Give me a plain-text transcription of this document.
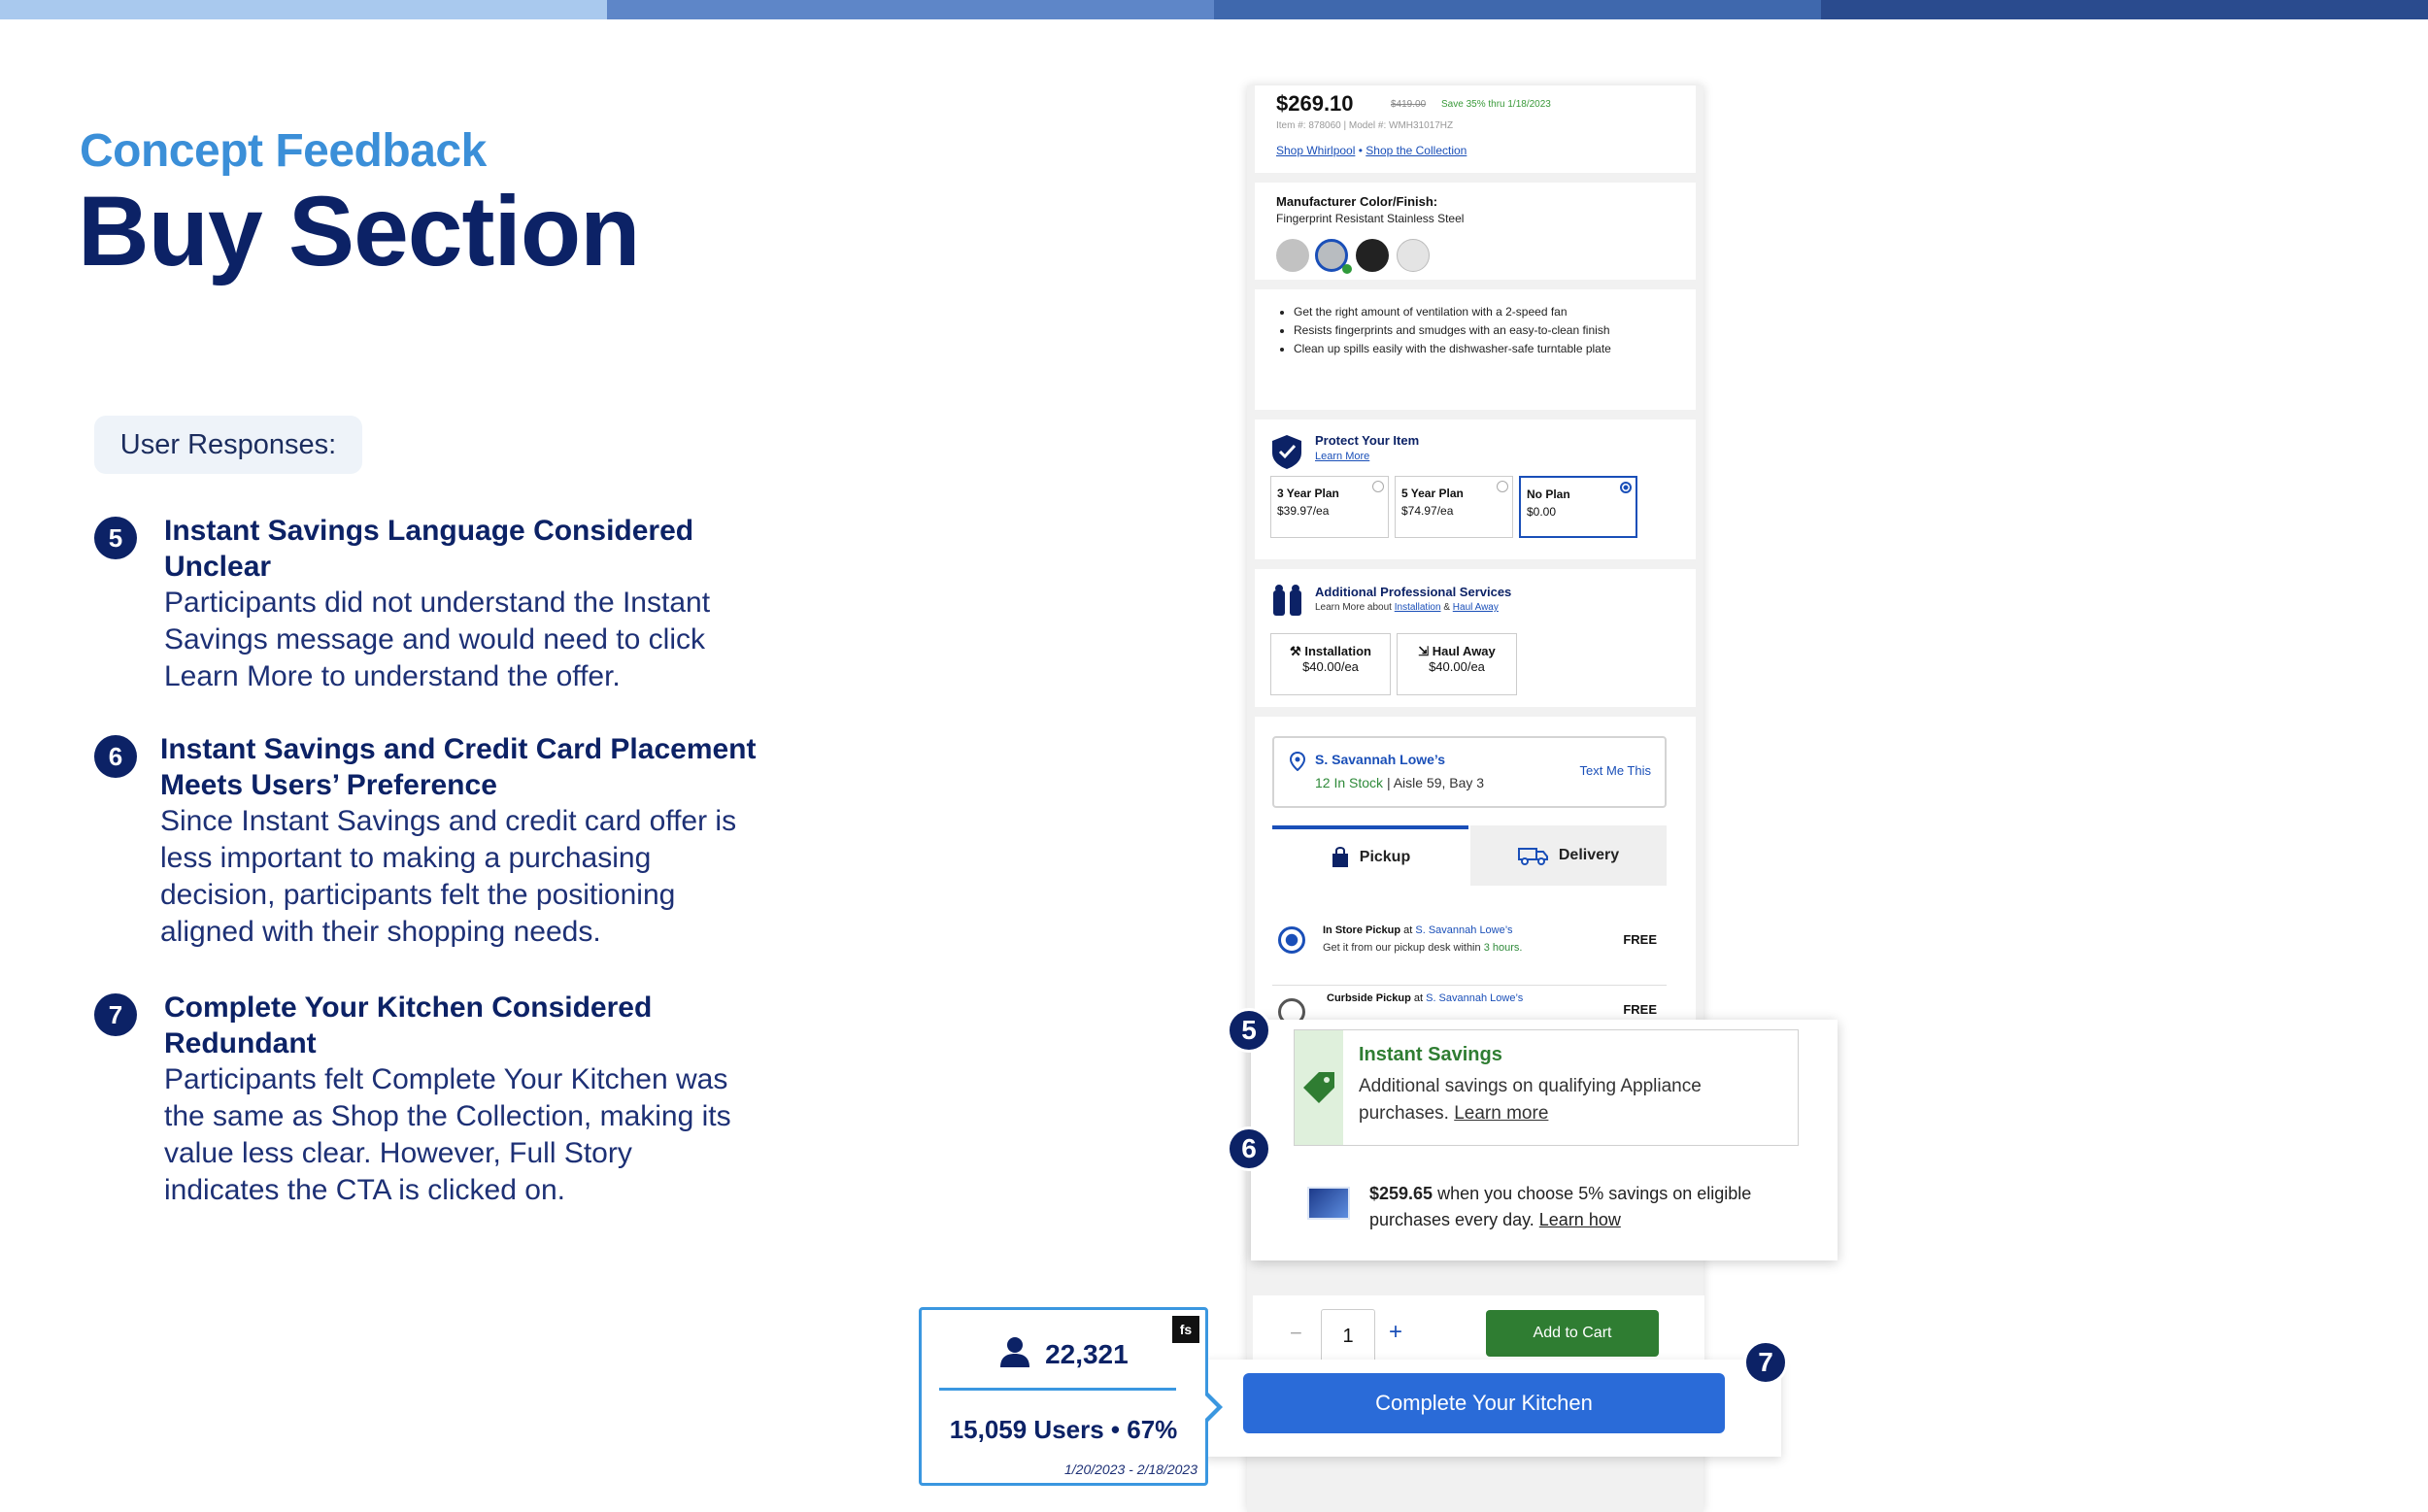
Concept Feedback
Buy Section
User Responses:
5	Instant Savings Language Considered Unclear
Participants did not understand the Instant Savings message and would need to click Learn More to understand the offer.
6	Instant Savings and Credit Card Placement Meets Users’ Preference
Since Instant Savings and credit card offer is less important to making a purchasing decision, participants felt the positioning aligned with their shopping needs.
7	Complete Your Kitchen Considered Redundant
Participants felt Complete Your Kitchen was the same as Shop the Collection, making its value less clear. However, Full Story indicates the CTA is clicked on.
$269.10	$419.00 Save 35% thru 1/18/2023
Item #: 878060 | Model #: WMH31017HZ
Shop Whirlpool • Shop the Collection
Manufacturer Color/Finish:
Fingerprint Resistant Stainless Steel
• Get the right amount of ventilation with a 2-speed fan
• Resists fingerprints and smudges with an easy-to-clean finish
• Clean up spills easily with the dishwasher-safe turntable plate
Protect Your Item
Learn More
3 Year Plan
$39.97/ea
5 Year Plan
$74.97/ea
No Plan
$0.00
Additional Professional Services
Learn More about Installation & Haul Away
⚒ Installation
$40.00/ea
⇲ Haul Away
$40.00/ea
S. Savannah Lowe’s
12 In Stock | Aisle 59, Bay 3
Text Me This
Pickup	Delivery
In Store Pickup at S. Savannah Lowe’s
Get it from our pickup desk within 3 hours.
FREE
Curbside Pickup at S. Savannah Lowe’s
FREE
Instant Savings
Additional savings on qualifying Appliance purchases. Learn more
$259.65 when you choose 5% savings on eligible purchases every day. Learn how
−	1	+	Add to Cart
Complete Your Kitchen
fs
22,321
15,059 Users • 67%
1/20/2023 - 2/18/2023
5
6
7
